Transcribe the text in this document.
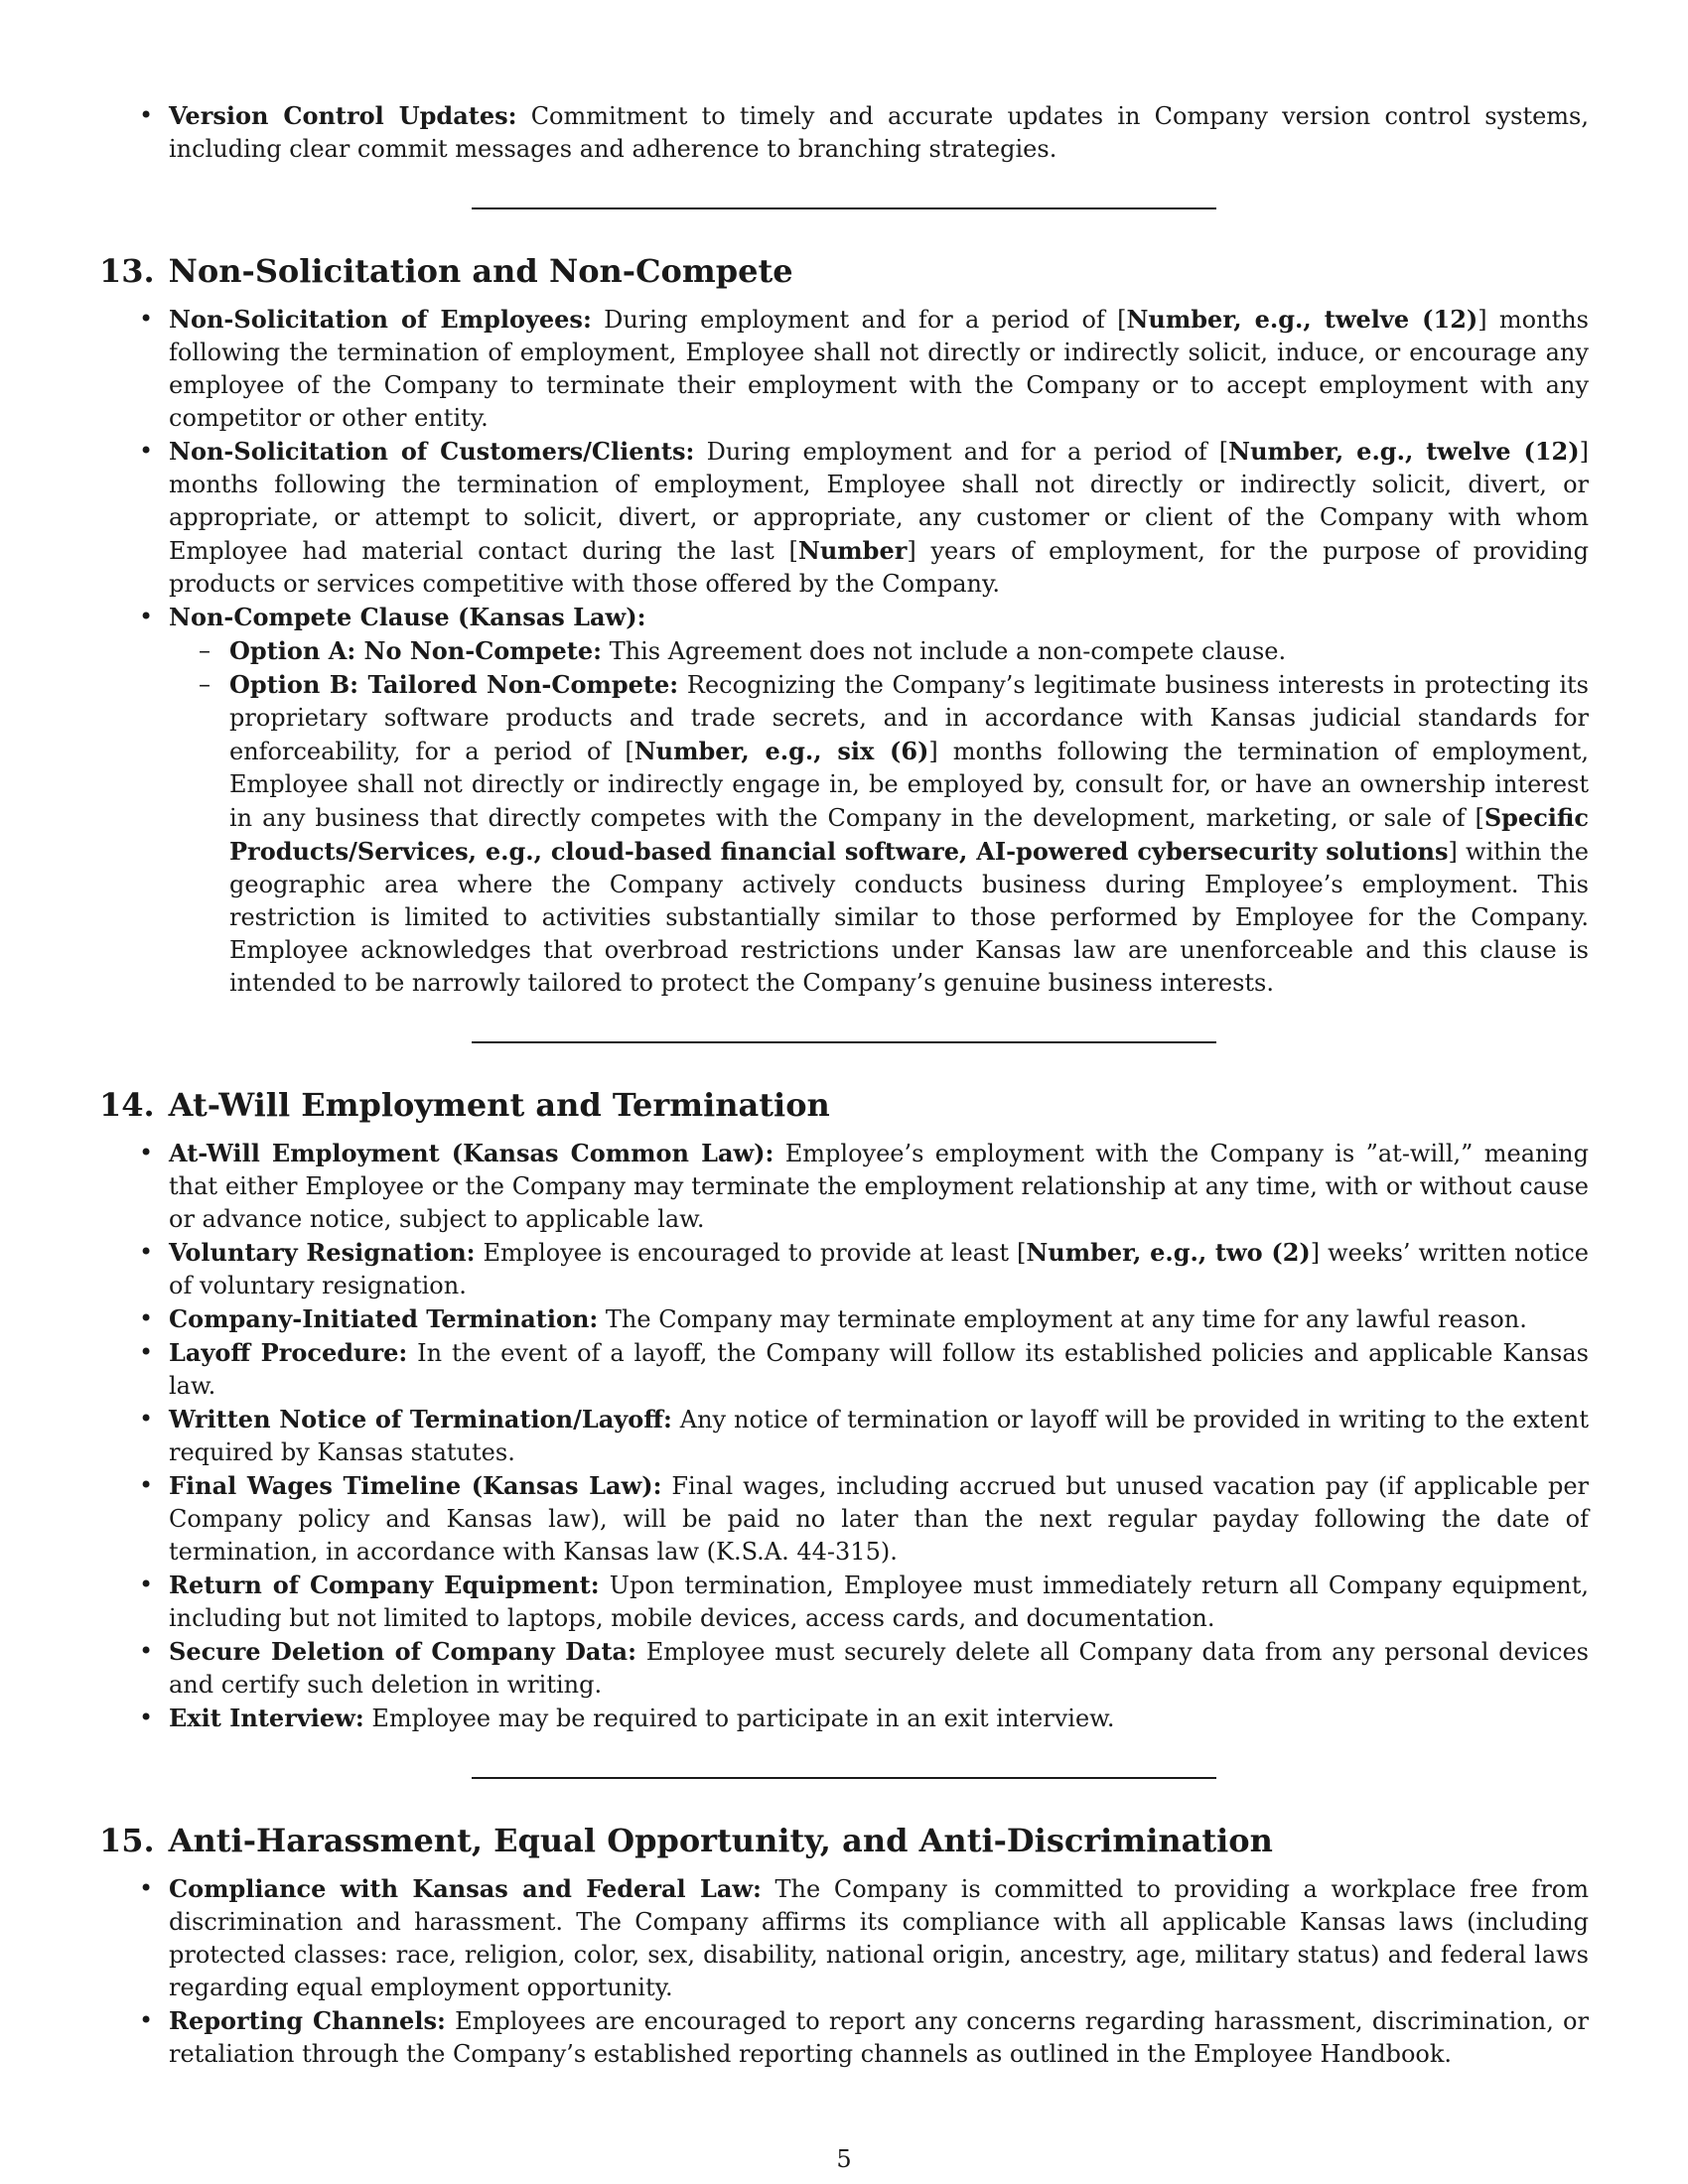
• Version Control Updates: Commitment to timely and accurate updates in Company version control systems, including clear commit messages and adherence to branching strategies.
13. Non-Solicitation and Non-Compete
• Non-Solicitation of Employees: During employment and for a period of [Number, e.g., twelve (12)] months following the termination of employment, Employee shall not directly or indirectly solicit, induce, or encourage any employee of the Company to terminate their employment with the Company or to accept employment with any competitor or other entity.
• Non-Solicitation of Customers/Clients: During employment and for a period of [Number, e.g., twelve (12)] months following the termination of employment, Employee shall not directly or indirectly solicit, divert, or appropriate, or attempt to solicit, divert, or appropriate, any customer or client of the Company with whom Employee had material contact during the last [Number] years of employment, for the purpose of providing products or services competitive with those offered by the Company.
• Non-Compete Clause (Kansas Law):
– Option A: No Non-Compete: This Agreement does not include a non-compete clause.
– Option B: Tailored Non-Compete: Recognizing the Company’s legitimate business interests in protecting its proprietary software products and trade secrets, and in accordance with Kansas judicial standards for enforceability, for a period of [Number, e.g., six (6)] months following the termination of employment, Employee shall not directly or indirectly engage in, be employed by, consult for, or have an ownership interest in any business that directly competes with the Company in the development, marketing, or sale of [Specific Products/Services, e.g., cloud-based financial software, AI-powered cybersecurity solutions] within the geographic area where the Company actively conducts business during Employee’s employment. This restriction is limited to activities substantially similar to those performed by Employee for the Company. Employee acknowledges that overbroad restrictions under Kansas law are unenforceable and this clause is intended to be narrowly tailored to protect the Company’s genuine business interests.
14. At-Will Employment and Termination
• At-Will Employment (Kansas Common Law): Employee’s employment with the Company is ”at-will,” meaning that either Employee or the Company may terminate the employment relationship at any time, with or without cause or advance notice, subject to applicable law.
• Voluntary Resignation: Employee is encouraged to provide at least [Number, e.g., two (2)] weeks’ written notice of voluntary resignation.
• Company-Initiated Termination: The Company may terminate employment at any time for any lawful reason.
• Layoff Procedure: In the event of a layoff, the Company will follow its established policies and applicable Kansas law.
• Written Notice of Termination/Layoff: Any notice of termination or layoff will be provided in writing to the extent required by Kansas statutes.
• Final Wages Timeline (Kansas Law): Final wages, including accrued but unused vacation pay (if applicable per Company policy and Kansas law), will be paid no later than the next regular payday following the date of termination, in accordance with Kansas law (K.S.A. 44-315).
• Return of Company Equipment: Upon termination, Employee must immediately return all Company equipment, including but not limited to laptops, mobile devices, access cards, and documentation.
• Secure Deletion of Company Data: Employee must securely delete all Company data from any personal devices and certify such deletion in writing.
• Exit Interview: Employee may be required to participate in an exit interview.
15. Anti-Harassment, Equal Opportunity, and Anti-Discrimination
• Compliance with Kansas and Federal Law: The Company is committed to providing a workplace free from discrimination and harassment. The Company affirms its compliance with all applicable Kansas laws (including protected classes: race, religion, color, sex, disability, national origin, ancestry, age, military status) and federal laws regarding equal employment opportunity.
• Reporting Channels: Employees are encouraged to report any concerns regarding harassment, discrimination, or retaliation through the Company’s established reporting channels as outlined in the Employee Handbook.
5
